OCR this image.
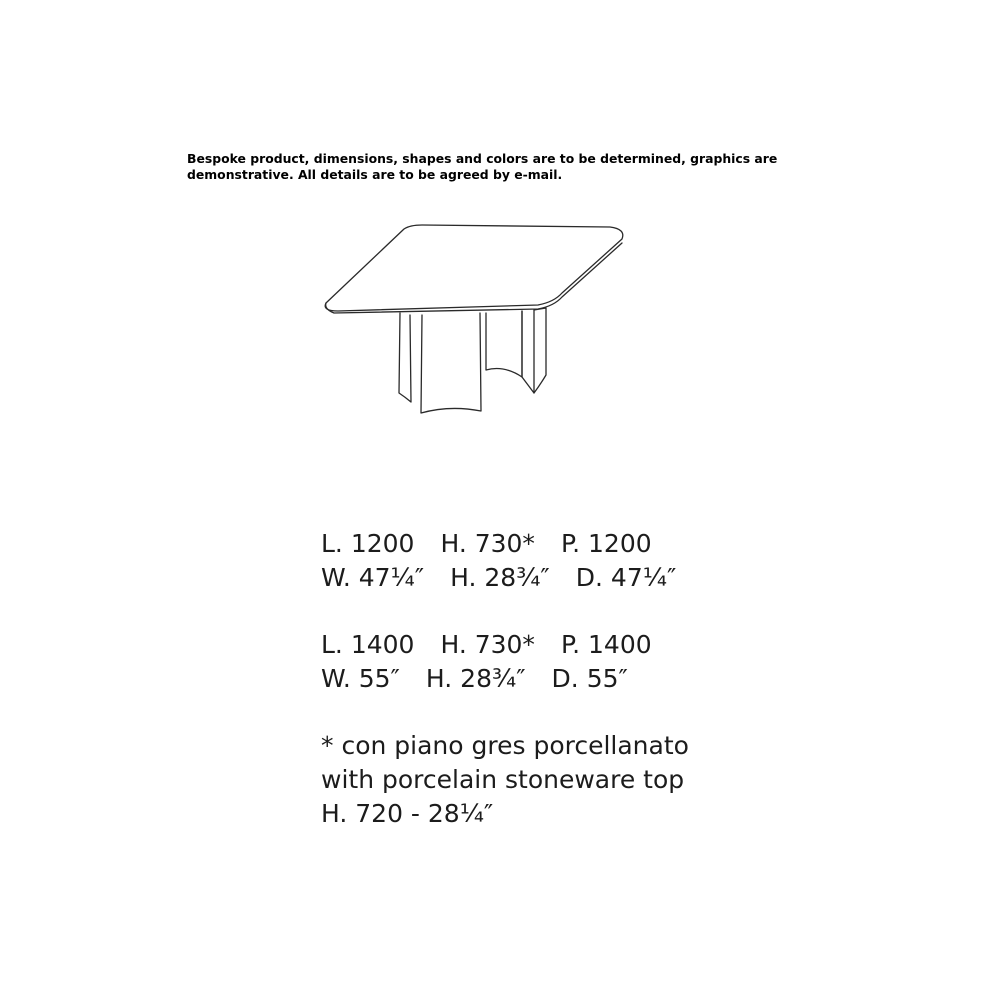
Bespoke product, dimensions, shapes and colors are to be determined, graphics are
demonstrative. All details are to be agreed by e-mail.
L. 1200 H. 730* P. 1200
W. 47¼″ H. 28¾″ D. 47¼″
L. 1400 H. 730* P. 1400
W. 55″ H. 28¾″ D. 55″
* con piano gres porcellanato
with porcelain stoneware top
H. 720 - 28¼″
